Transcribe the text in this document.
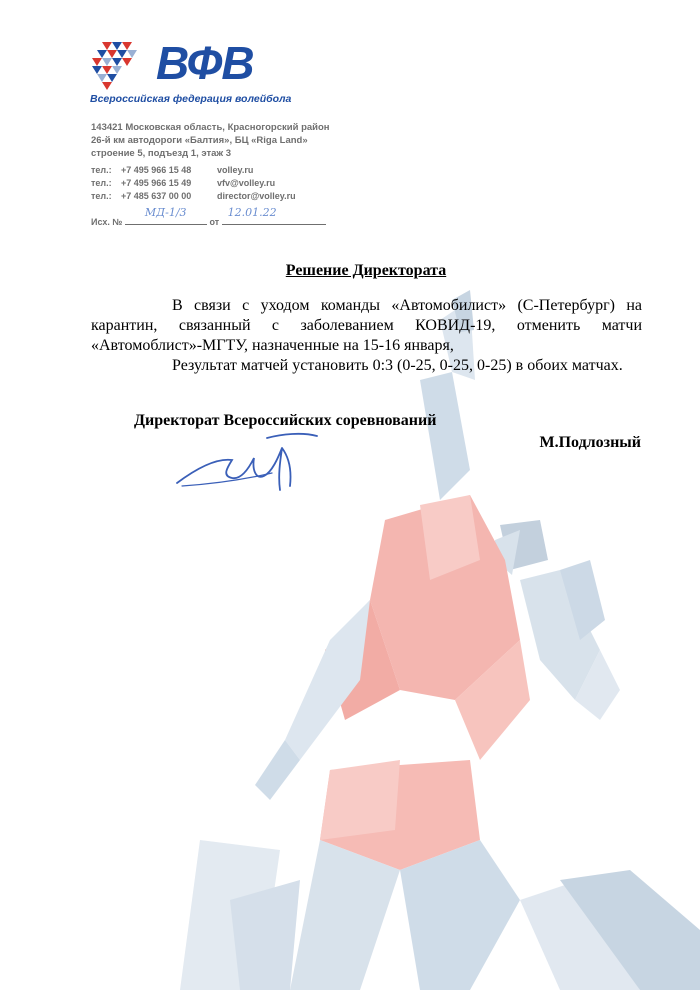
ВФВ
Всероссийская федерация волейбола
143421 Московская область, Красногорский район
26-й км автодороги «Балтия», БЦ «Riga Land»
строение 5, подъезд 1, этаж 3
тел.:	+7 495 966 15 48	volley.ru
тел.:	+7 495 966 15 49	vfv@volley.ru
тел.:	+7 485 637 00 00	director@volley.ru
Исх. №
МД-1/3
от
12.01.22
Решение Директората

В связи с уходом команды «Автомобилист» (С-Петербург) на карантин, связанный с заболеванием КОВИД-19, отменить матчи «Автомоблист»-МГТУ, назначенные на 15-16 января,

Результат матчей установить 0:3 (0-25, 0-25, 0-25) в обоих матчах.

Директорат Всероссийских соревнований
М.Подлозный
